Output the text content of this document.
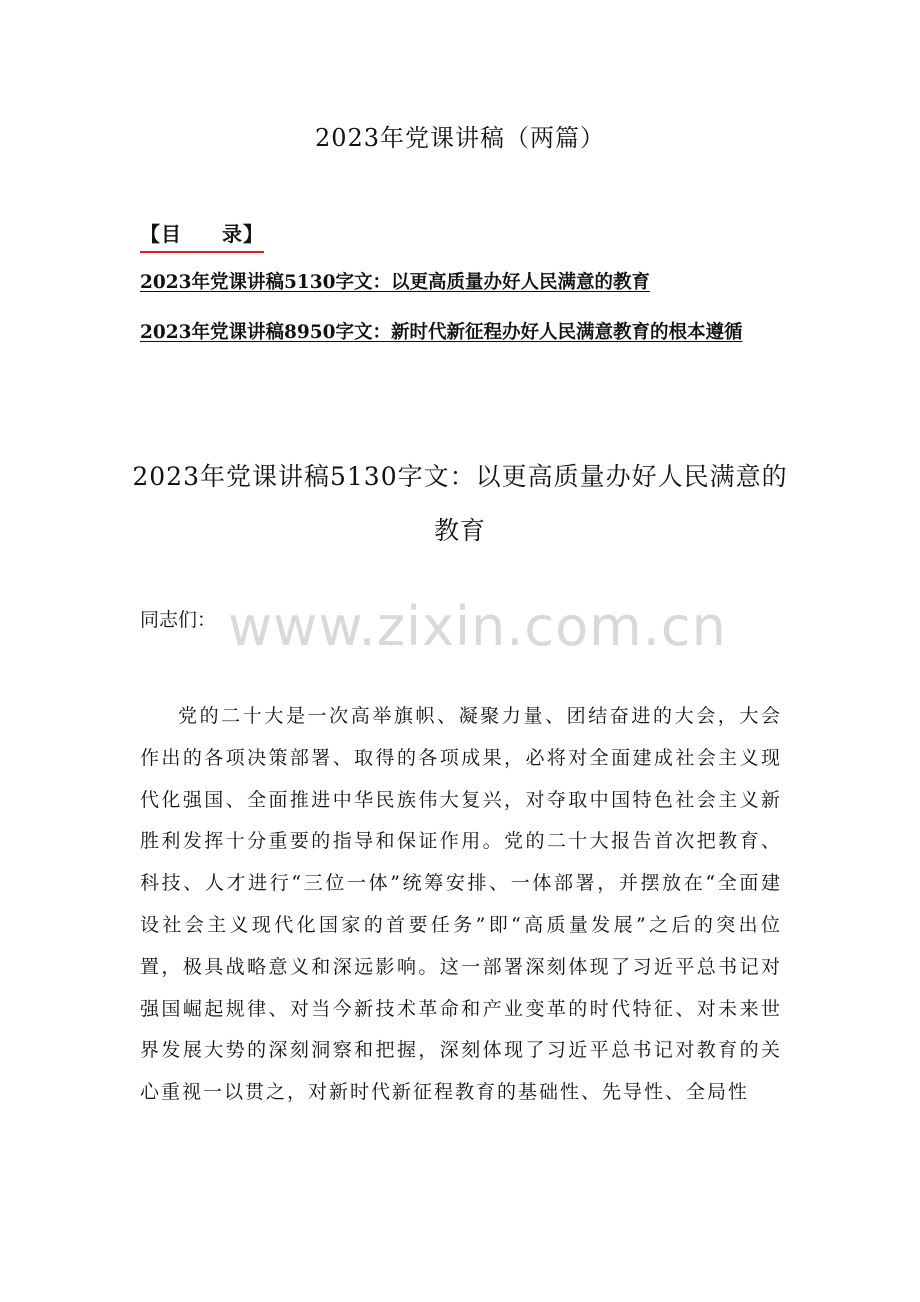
2023年党课讲稿（两篇）
【目 录】
2023年党课讲稿5130字文：以更高质量办好人民满意的教育
2023年党课讲稿8950字文：新时代新征程办好人民满意教育的根本遵循
2023年党课讲稿5130字文：以更高质量办好人民满意的教育
www.zixin.com.cn
同志们：

党的二十大是一次高举旗帜、凝聚力量、团结奋进的大会，大会作出的各项决策部署、取得的各项成果，必将对全面建成社会主义现代化强国、全面推进中华民族伟大复兴，对夺取中国特色社会主义新胜利发挥十分重要的指导和保证作用。党的二十大报告首次把教育、科技、人才进行“三位一体”统筹安排、一体部署，并摆放在“全面建设社会主义现代化国家的首要任务”即“高质量发展”之后的突出位置，极具战略意义和深远影响。这一部署深刻体现了习近平总书记对强国崛起规律、对当今新技术革命和产业变革的时代特征、对未来世界发展大势的深刻洞察和把握，深刻体现了习近平总书记对教育的关心重视一以贯之，对新时代新征程教育的基础性、先导性、全局性
